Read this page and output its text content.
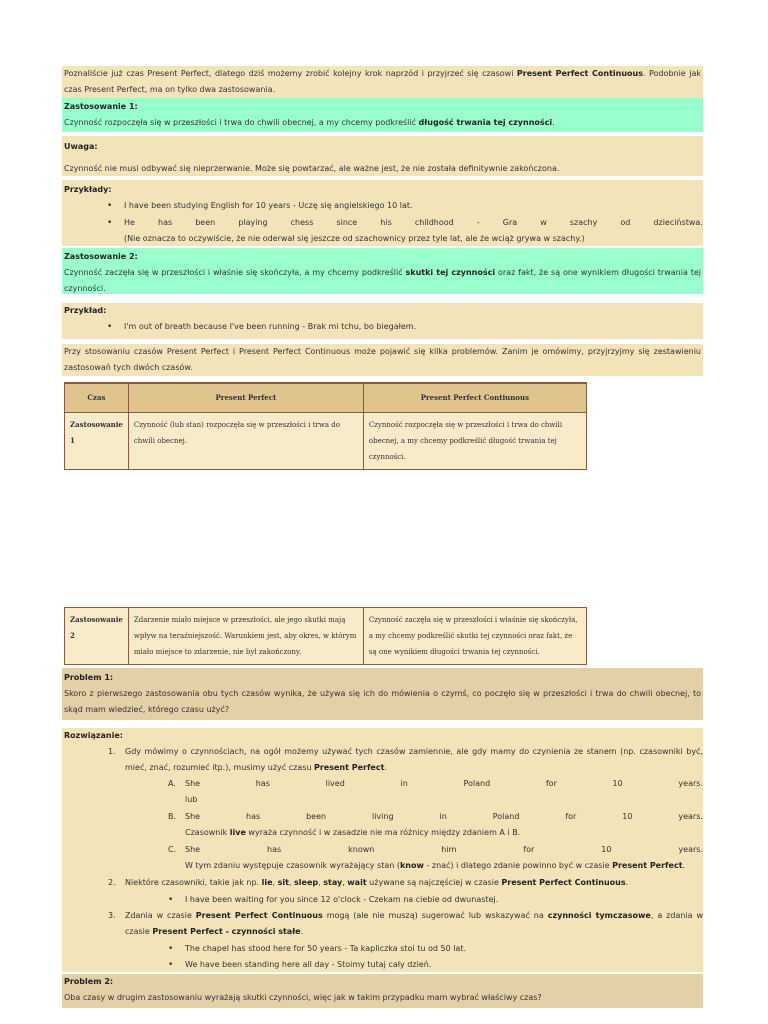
Poznaliście już czas Present Perfect, dlatego dziś możemy zrobić kolejny krok naprzód i przyjrzeć się czasowi Present Perfect Continuous. Podobnie jak czas Present Perfect, ma on tylko dwa zastosowania.
Zastosowanie 1:
Czynność rozpoczęła się w przeszłości i trwa do chwili obecnej, a my chcemy podkreślić długość trwania tej czynności.
Uwaga:
Czynność nie musi odbywać się nieprzerwanie. Może się powtarzać, ale ważne jest, że nie została definitywnie zakończona.
Przykłady:
• I have been studying English for 10 years - Uczę się angielskiego 10 lat.
• He	has	been	playing	chess	since	his	childhood	-	Gra	w	szachy	od	dzieciństwa.
(Nie oznacza to oczywiście, że nie oderwał się jeszcze od szachownicy przez tyle lat, ale że wciąż grywa w szachy.)
Zastosowanie 2:
Czynność zaczęła się w przeszłości i właśnie się skończyła, a my chcemy podkreślić skutki tej czynności oraz fakt, że są one wynikiem długości trwania tej czynności.
Przykład:
• I'm out of breath because I've been running - Brak mi tchu, bo biegałem.
Przy stosowaniu czasów Present Perfect i Present Perfect Continuous może pojawić się kilka problemów. Zanim je omówimy, przyjrzyjmy się zestawieniu zastosowań tych dwóch czasów.
Czas	Present Perfect	Present Perfect Contiunous
Zastosowanie 1	Czynność (lub stan) rozpoczęła się w przeszłości i trwa do chwili obecnej.	Czynność rozpoczęła się w przeszłości i trwa do chwili obecnej, a my chcemy podkreślić długość trwania tej czynności.
Zastosowanie 2	Zdarzenie miało miejsce w przeszłości, ale jego skutki mają wpływ na teraźniejszość. Warunkiem jest, aby okres, w którym miało miejsce to zdarzenie, nie był zakończony.	Czynność zaczęła się w przeszłości i właśnie się skończyła, a my chcemy podkreślić skutki tej czynności oraz fakt, że są one wynikiem długości trwania tej czynności.
Problem 1:
Skoro z pierwszego zastosowania obu tych czasów wynika, że używa się ich do mówienia o czymś, co poczęło się w przeszłości i trwa do chwili obecnej, to skąd mam wiedzieć, którego czasu użyć?
Rozwiązanie:
1. Gdy mówimy o czynnościach, na ogół możemy używać tych czasów zamiennie, ale gdy mamy do czynienia ze stanem (np. czasowniki być, mieć, znać, rozumieć itp.), musimy użyć czasu Present Perfect.
A. She	has	lived	in	Poland	for	10	years.
lub
B. She	has	been	living	in	Poland	for	10	years.
Czasownik live wyraża czynność i w zasadzie nie ma różnicy między zdaniem A i B.
C. She	has	known	him	for	10	years.
W tym zdaniu występuje czasownik wyrażający stan (know - znać) i dlatego zdanie powinno być w czasie Present Perfect.
2. Niektóre czasowniki, takie jak np. lie, sit, sleep, stay, wait używane są najczęściej w czasie Present Perfect Continuous.
• I have been waiting for you since 12 o'clock - Czekam na ciebie od dwunastej.
3. Zdania w czasie Present Perfect Continuous mogą (ale nie muszą) sugerować lub wskazywać na czynności tymczasowe, a zdania w czasie Present Perfect - czynności stałe.
• The chapel has stood here for 50 years - Ta kapliczka stoi tu od 50 lat.
• We have been standing here all day - Stoimy tutaj cały dzień.
Problem 2:
Oba czasy w drugim zastosowaniu wyrażają skutki czynności, więc jak w takim przypadku mam wybrać właściwy czas?
